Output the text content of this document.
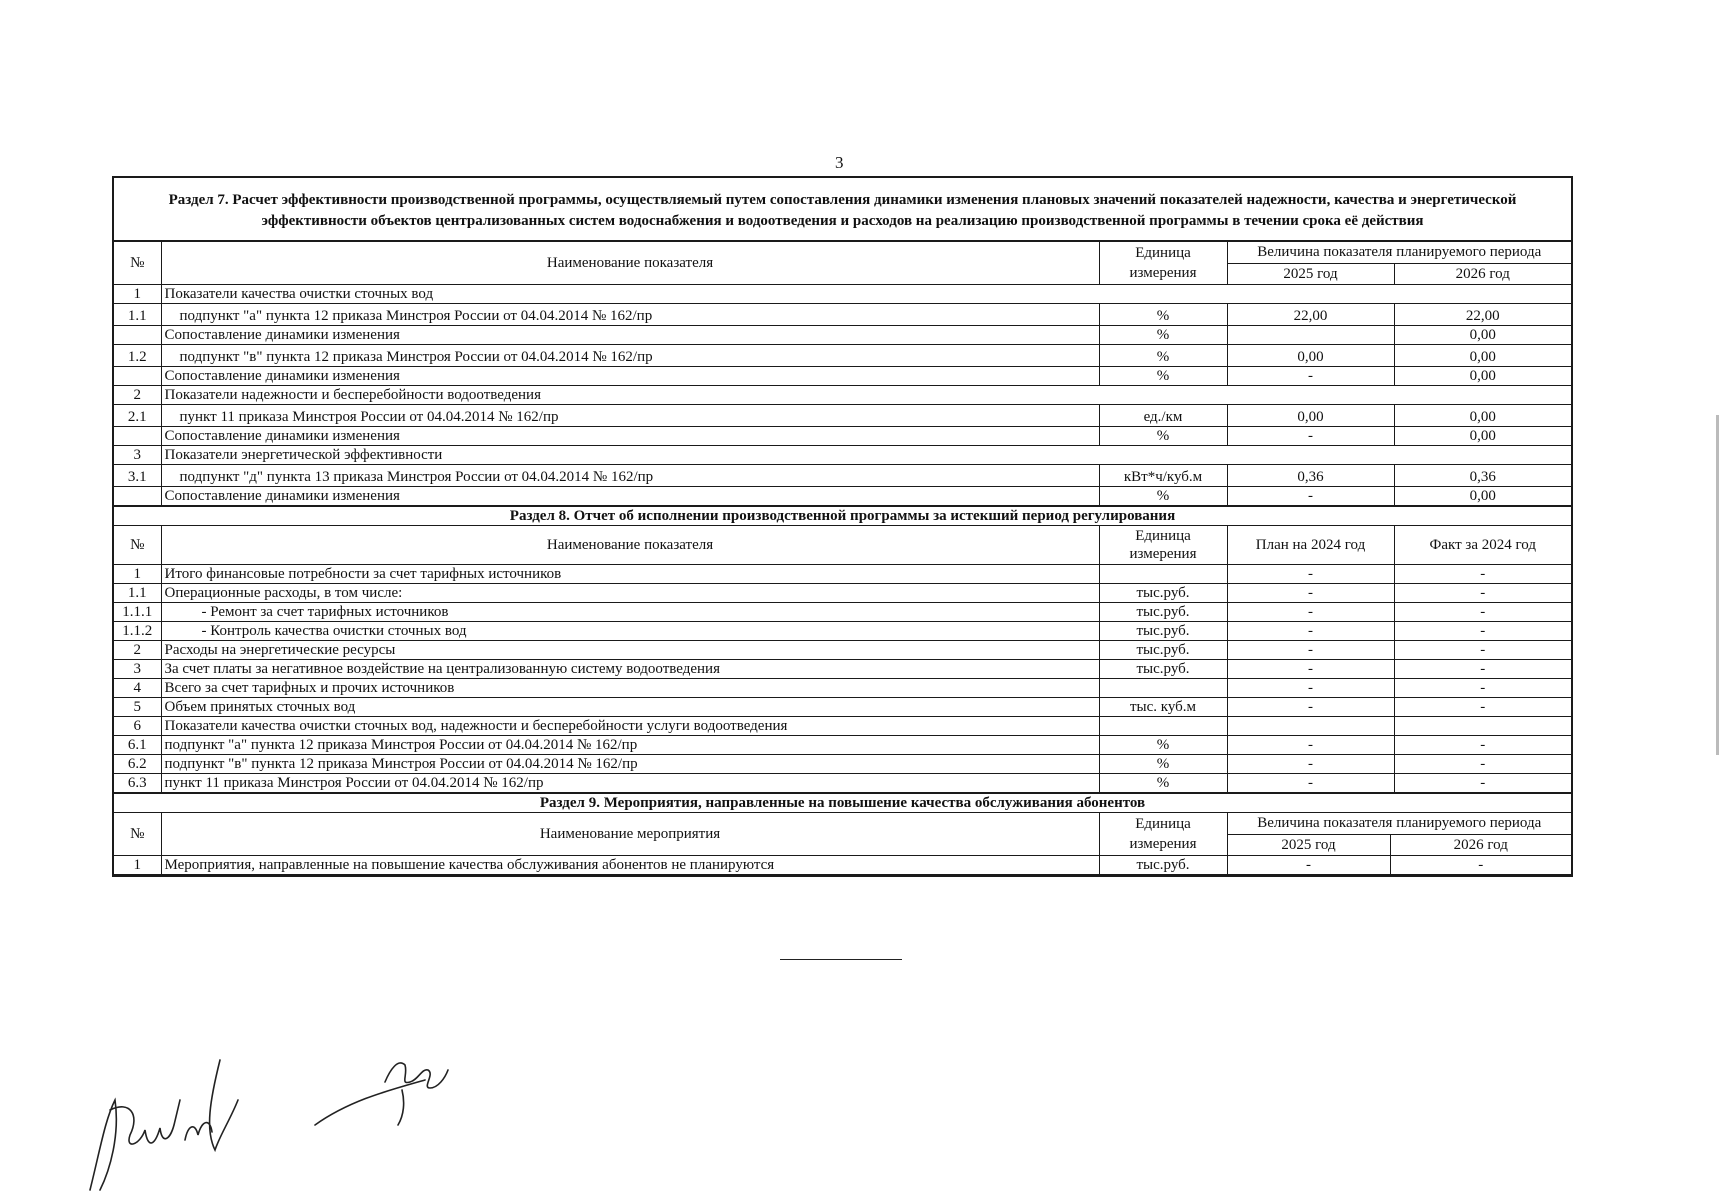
3
Раздел 7. Расчет эффективности производственной программы, осуществляемый путем сопоставления динамики изменения плановых значений показателей надежности, качества и энергетической эффективности объектов централизованных систем водоснабжения и водоотведения и расходов на реализацию производственной программы в течении срока её действия
№	Наименование показателя	Единица измерения	Величина показателя планируемого периода	
			2025 год	2026 год
1	Показатели качества очистки сточных вод			
1.1	подпункт "а" пункта 12 приказа Минстроя России от 04.04.2014 № 162/пр	%	22,00	22,00
	Сопоставление динамики изменения	%		0,00
1.2	подпункт "в" пункта 12 приказа Минстроя России от 04.04.2014 № 162/пр	%	0,00	0,00
	Сопоставление динамики изменения	%	-	0,00
2	Показатели надежности и бесперебойности водоотведения			
2.1	пункт 11 приказа Минстроя России от 04.04.2014 № 162/пр	ед./км	0,00	0,00
	Сопоставление динамики изменения	%	-	0,00
3	Показатели энергетической эффективности			
3.1	подпункт "д" пункта 13 приказа Минстроя России от 04.04.2014 № 162/пр	кВт*ч/куб.м	0,36	0,36
	Сопоставление динамики изменения	%	-	0,00
Раздел 8. Отчет об исполнении производственной программы за истекший период регулирования				
№	Наименование показателя	Единица измерения	План на 2024 год	Факт за 2024 год
1	Итого финансовые потребности за счет тарифных источников		-	-
1.1	Операционные расходы, в том числе:	тыс.руб.	-	-
1.1.1	- Ремонт за счет тарифных источников	тыс.руб.	-	-
1.1.2	- Контроль качества очистки сточных вод	тыс.руб.	-	-
2	Расходы на энергетические ресурсы	тыс.руб.	-	-
3	За счет платы за негативное воздействие на централизованную систему водоотведения	тыс.руб.	-	-
4	Всего за счет тарифных и прочих источников		-	-
5	Объем принятых сточных вод	тыс. куб.м	-	-
6	Показатели качества очистки сточных вод, надежности и бесперебойности услуги водоотведения			
6.1	подпункт "а" пункта 12 приказа Минстроя России от 04.04.2014 № 162/пр	%	-	-
6.2	подпункт "в" пункта 12 приказа Минстроя России от 04.04.2014 № 162/пр	%	-	-
6.3	пункт 11 приказа Минстроя России от 04.04.2014 № 162/пр	%	-	-
Раздел 9. Мероприятия, направленные на повышение качества обслуживания абонентов				
№	Наименование мероприятия	Единица измерения	Величина показателя планируемого периода	
			2025 год	2026 год
1	Мероприятия, направленные на повышение качества обслуживания абонентов не планируются	тыс.руб.	-	-
